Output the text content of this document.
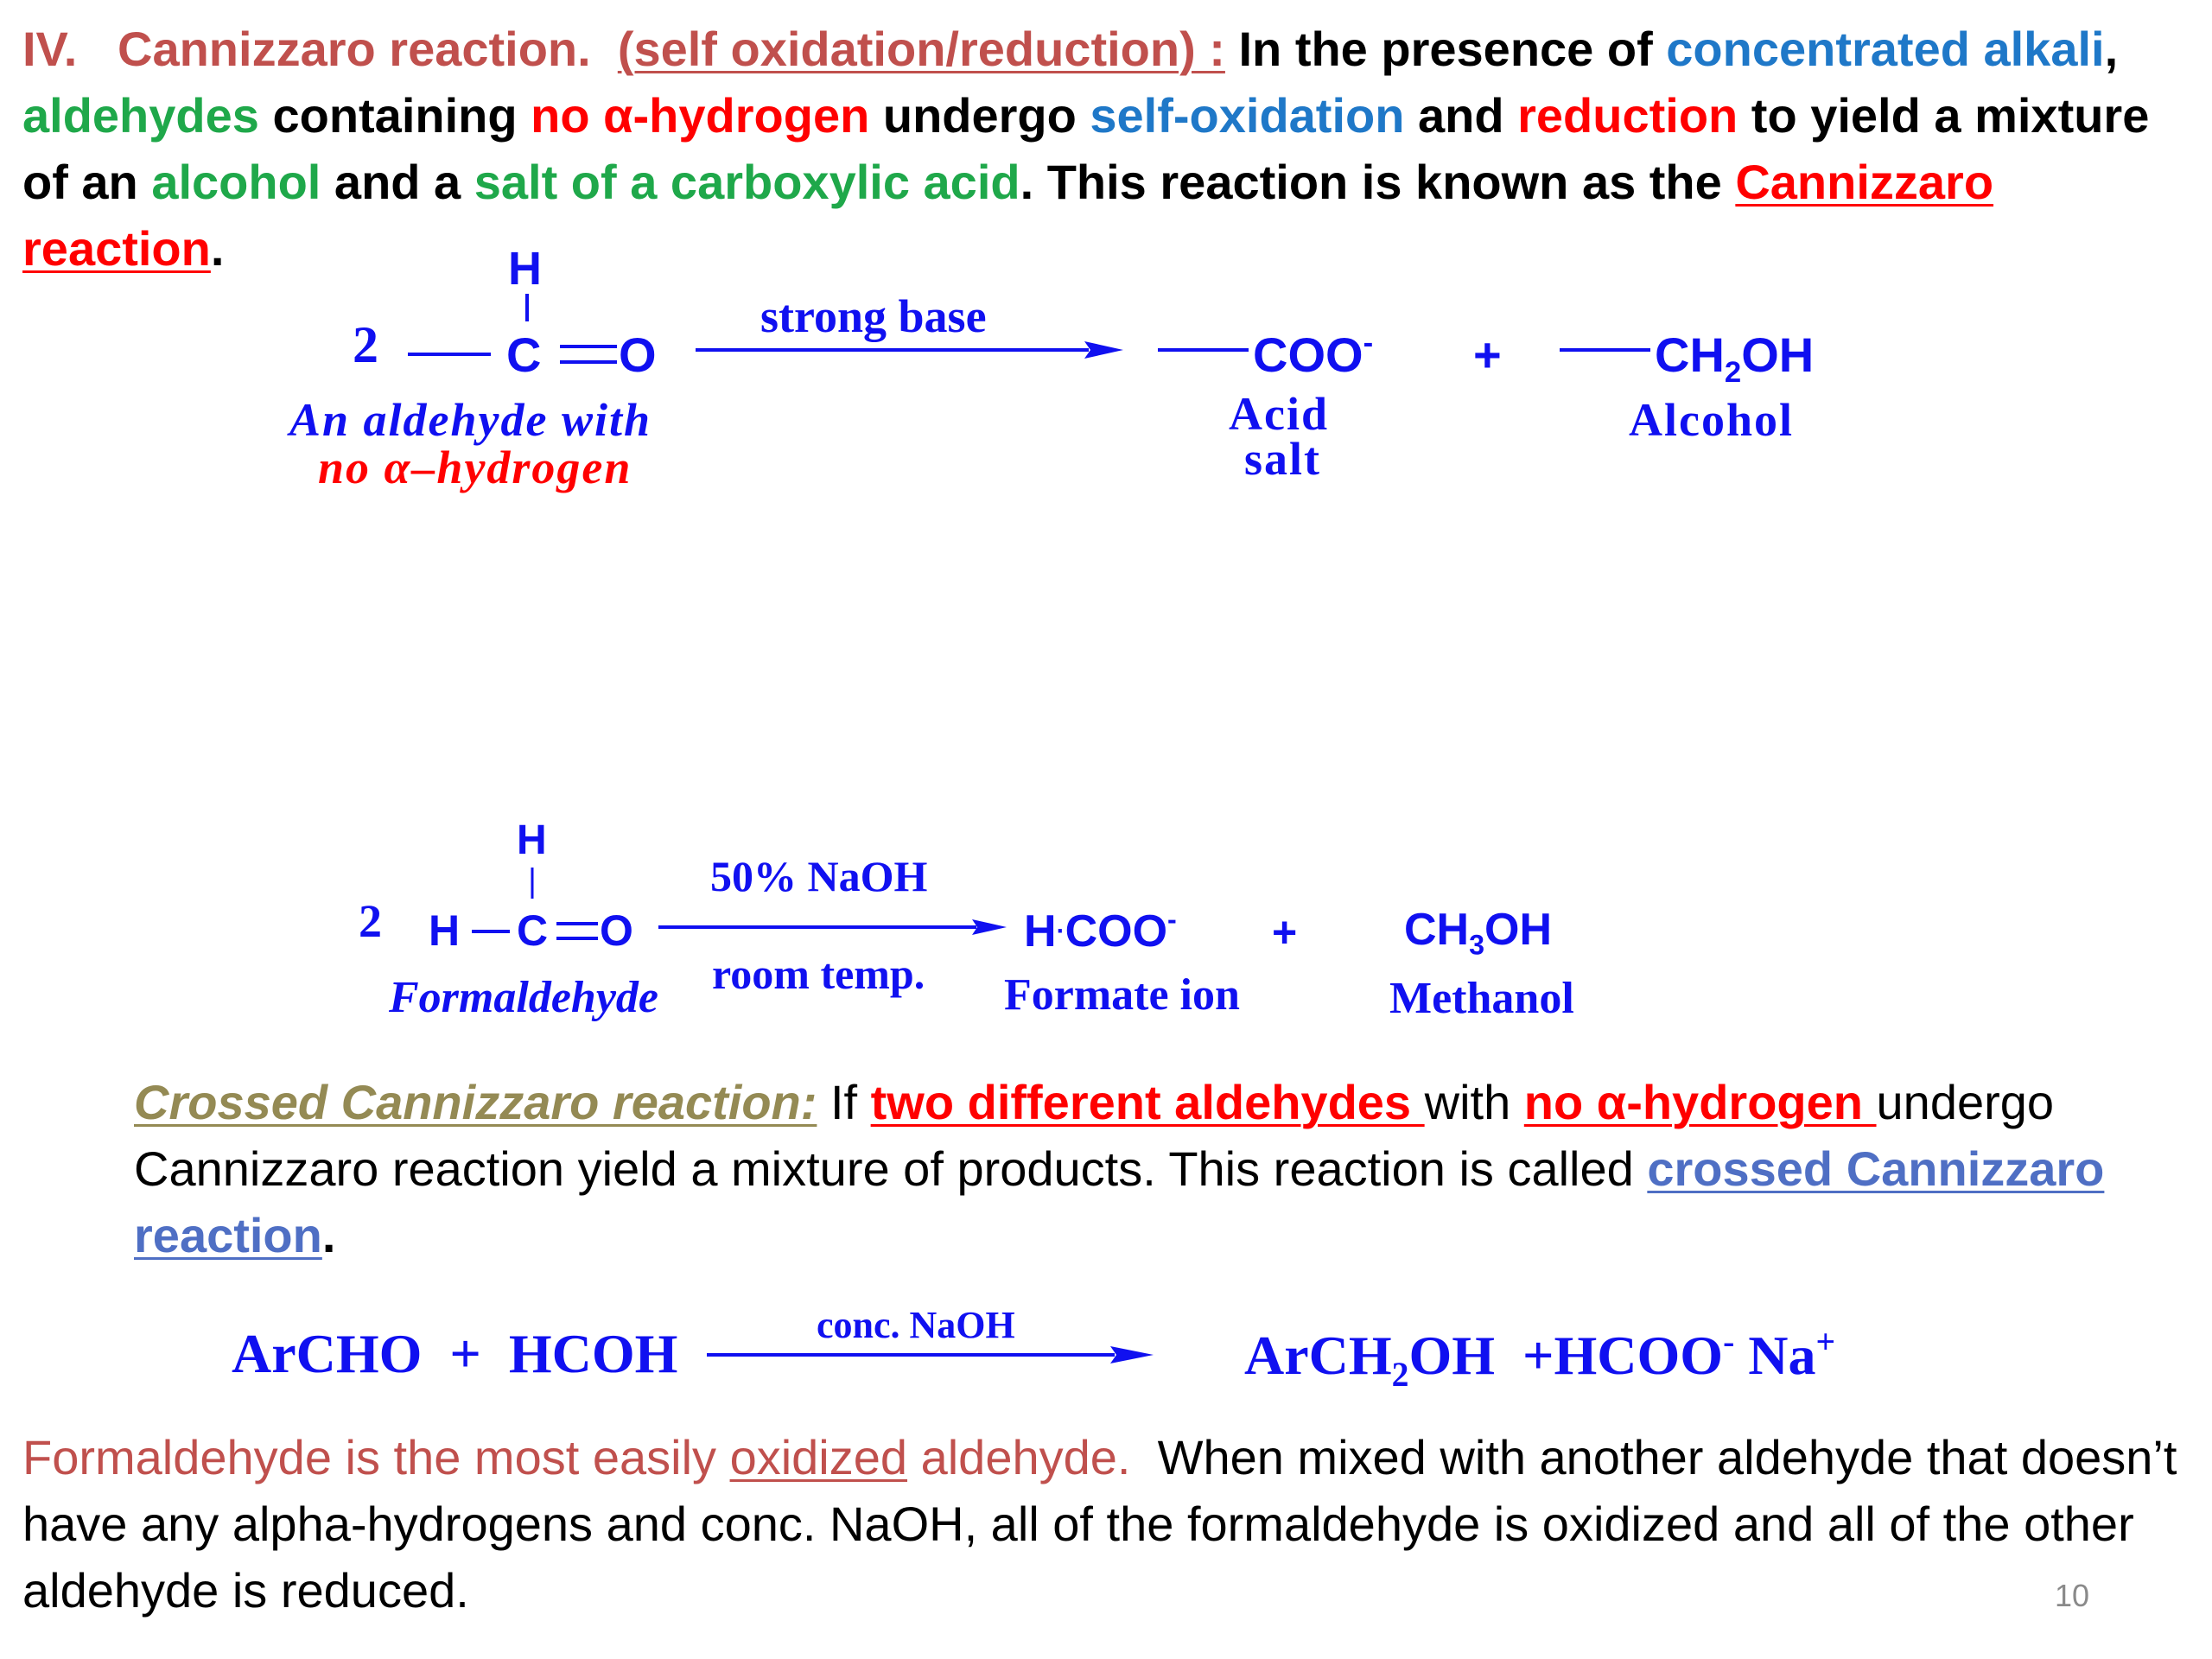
IV. Cannizzaro reaction. (self oxidation/reduction) : In the presence of concentrated alkali, aldehydes containing no α-hydrogen undergo self-oxidation and reduction to yield a mixture of an alcohol and a salt of a carboxylic acid. This reaction is known as the Cannizzaro reaction.
2
H
C O
strong base
COO- +	$CH_2OH$
An aldehyde with
no α–hydrogen
Acid
salt
Alcohol
2
H
H C O
50% NaOH
room temp.
$H\cdot COO^- + CH_3OH$
Formaldehyde	Formate ion	Methanol
Crossed Cannizzaro reaction: If two different aldehydes with no α-hydrogen undergo Cannizzaro reaction yield a mixture of products. This reaction is called crossed Cannizzaro reaction.
ArCHO  +  HCOH	conc. NaOH	ArCH$_2$OH  +HCOO- Na+
Formaldehyde is the most easily oxidized aldehyde.  When mixed with another aldehyde that doesn’t have any alpha-hydrogens and conc. NaOH, all of the formaldehyde is oxidized and all of the other aldehyde is reduced.	10
